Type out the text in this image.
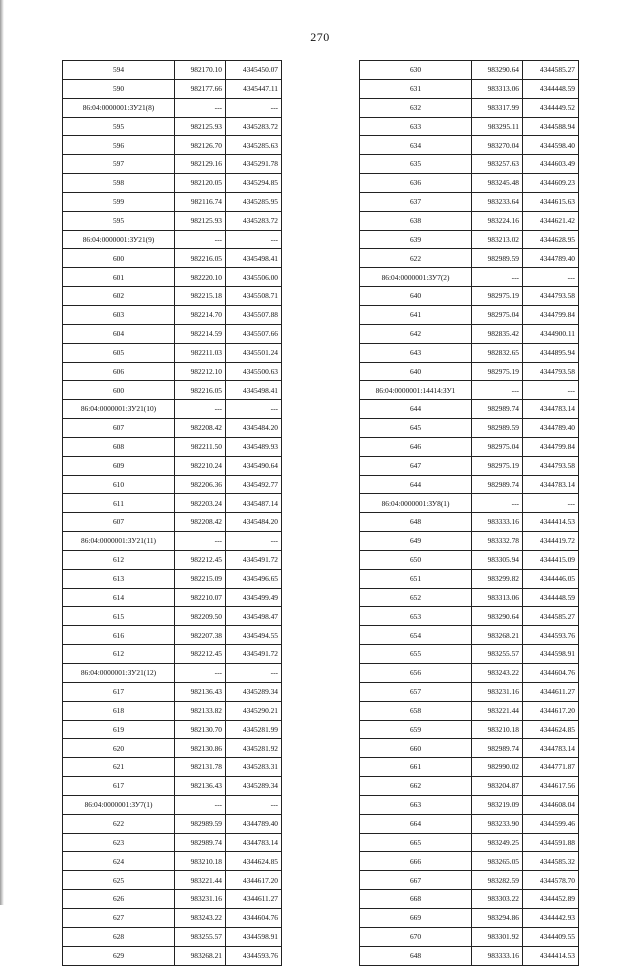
270
594	982170.10	4345450.07
590	982177.66	4345447.11
86:04:0000001:ЗУ21(8)	---	---
595	982125.93	4345283.72
596	982126.70	4345285.63
597	982129.16	4345291.78
598	982120.05	4345294.85
599	982116.74	4345285.95
595	982125.93	4345283.72
86:04:0000001:ЗУ21(9)	---	---
600	982216.05	4345498.41
601	982220.10	4345506.00
602	982215.18	4345508.71
603	982214.70	4345507.88
604	982214.59	4345507.66
605	982211.03	4345501.24
606	982212.10	4345500.63
600	982216.05	4345498.41
86:04:0000001:ЗУ21(10)	---	---
607	982208.42	4345484.20
608	982211.50	4345489.93
609	982210.24	4345490.64
610	982206.36	4345492.77
611	982203.24	4345487.14
607	982208.42	4345484.20
86:04:0000001:ЗУ21(11)	---	---
612	982212.45	4345491.72
613	982215.09	4345496.65
614	982210.07	4345499.49
615	982209.50	4345498.47
616	982207.38	4345494.55
612	982212.45	4345491.72
86:04:0000001:ЗУ21(12)	---	---
617	982136.43	4345289.34
618	982133.82	4345290.21
619	982130.70	4345281.99
620	982130.86	4345281.92
621	982131.78	4345283.31
617	982136.43	4345289.34
86:04:0000001:ЗУ7(1)	---	---
622	982989.59	4344789.40
623	982989.74	4344783.14
624	983210.18	4344624.85
625	983221.44	4344617.20
626	983231.16	4344611.27
627	983243.22	4344604.76
628	983255.57	4344598.91
629	983268.21	4344593.76
630	983290.64	4344585.27
631	983313.06	4344448.59
632	983317.99	4344449.52
633	983295.11	4344588.94
634	983270.04	4344598.40
635	983257.63	4344603.49
636	983245.48	4344609.23
637	983233.64	4344615.63
638	983224.16	4344621.42
639	983213.02	4344628.95
622	982989.59	4344789.40
86:04:0000001:ЗУ7(2)	---	---
640	982975.19	4344793.58
641	982975.04	4344799.84
642	982835.42	4344900.11
643	982832.65	4344895.94
640	982975.19	4344793.58
86:04:0000001:14414:ЗУ1	---	---
644	982989.74	4344783.14
645	982989.59	4344789.40
646	982975.04	4344799.84
647	982975.19	4344793.58
644	982989.74	4344783.14
86:04:0000001:ЗУ8(1)	---	---
648	983333.16	4344414.53
649	983332.78	4344419.72
650	983305.94	4344415.09
651	983299.82	4344446.05
652	983313.06	4344448.59
653	983290.64	4344585.27
654	983268.21	4344593.76
655	983255.57	4344598.91
656	983243.22	4344604.76
657	983231.16	4344611.27
658	983221.44	4344617.20
659	983210.18	4344624.85
660	982989.74	4344783.14
661	982990.02	4344771.87
662	983204.87	4344617.56
663	983219.09	4344608.04
664	983233.90	4344599.46
665	983249.25	4344591.88
666	983265.05	4344585.32
667	983282.59	4344578.70
668	983303.22	4344452.89
669	983294.86	4344442.93
670	983301.92	4344409.55
648	983333.16	4344414.53
